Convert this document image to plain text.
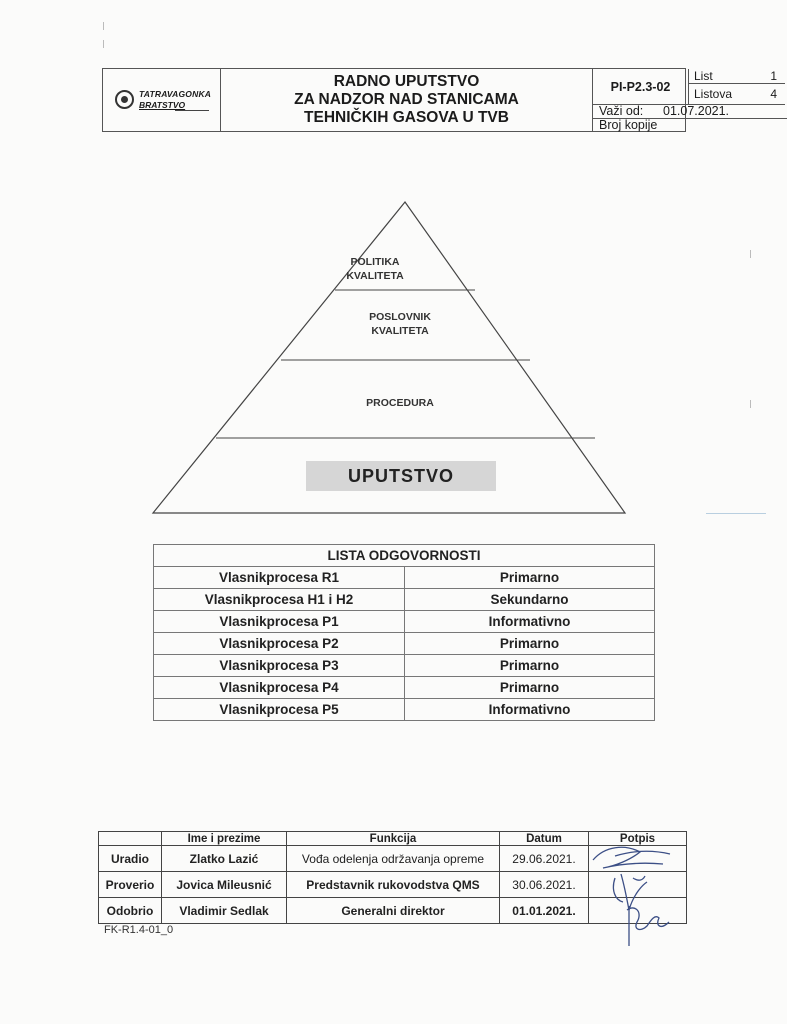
TATRAVAGONKA
BRATSTVO
RADNO UPUTSTVO
ZA NADZOR NAD STANICAMA
TEHNIČKIH GASOVA U TVB
PI-P2.3-02
List	1
Listova	4
Važi od: 01.07.2021.
Broj kopije
POLITIKA
KVALITETA
POSLOVNIK
KVALITETA
PROCEDURA
UPUTSTVO
LISTA ODGOVORNOSTI	
Vlasnikprocesa R1	Primarno
Vlasnikprocesa H1 i H2	Sekundarno
Vlasnikprocesa P1	Informativno
Vlasnikprocesa P2	Primarno
Vlasnikprocesa P3	Primarno
Vlasnikprocesa P4	Primarno
Vlasnikprocesa P5	Informativno
	Ime i prezime	Funkcija	Datum	Potpis
Uradio	Zlatko Lazić	Vođa odelenja održavanja opreme	29.06.2021.	
Proverio	Jovica Mileusnić	Predstavnik rukovodstva QMS	30.06.2021.	
Odobrio	Vladimir Sedlak	Generalni direktor	01.01.2021.	
FK-R1.4-01_0
